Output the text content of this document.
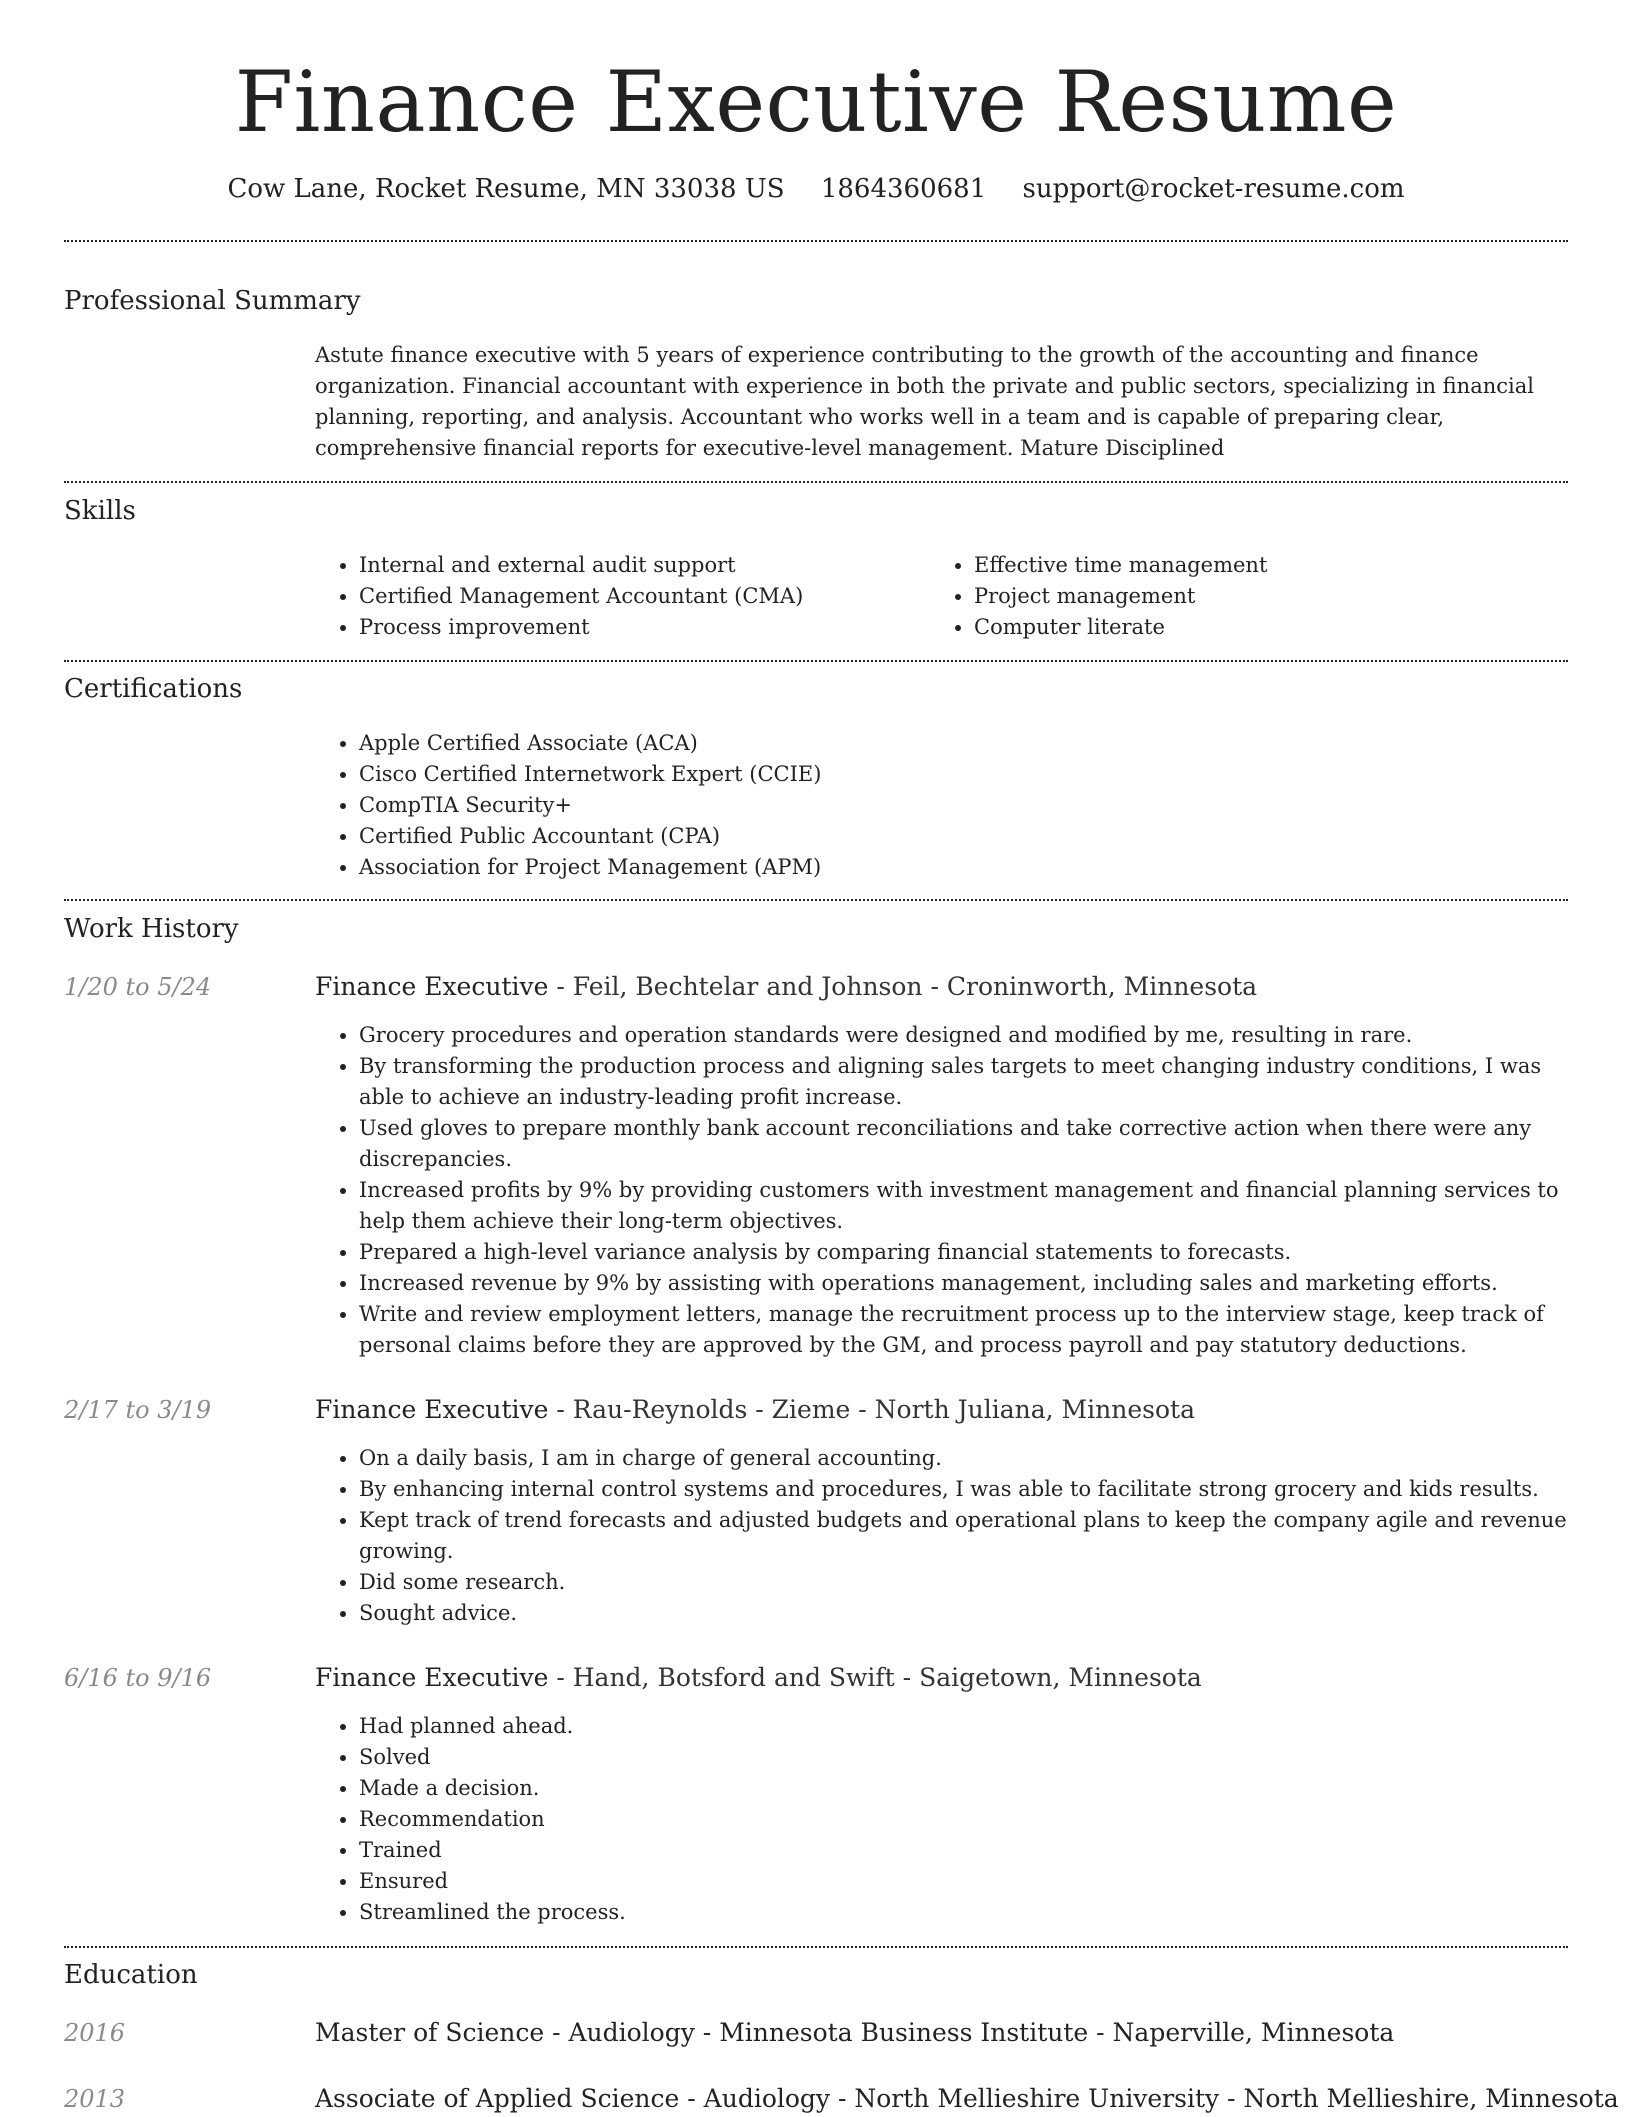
Finance Executive Resume
Cow Lane, Rocket Resume, MN 33038 US 1864360681 support@rocket-resume.com
Professional Summary
Astute finance executive with 5 years of experience contributing to the growth of the accounting and finance organization. Financial accountant with experience in both the private and public sectors, specializing in financial planning, reporting, and analysis. Accountant who works well in a team and is capable of preparing clear, comprehensive financial reports for executive-level management. Mature Disciplined
Skills
• Internal and external audit support
• Certified Management Accountant (CMA)
• Process improvement
• Effective time management
• Project management
• Computer literate
Certifications
• Apple Certified Associate (ACA)
• Cisco Certified Internetwork Expert (CCIE)
• CompTIA Security+
• Certified Public Accountant (CPA)
• Association for Project Management (APM)
Work History
1/20 to 5/24	Finance Executive - Feil, Bechtelar and Johnson - Croninworth, Minnesota
• Grocery procedures and operation standards were designed and modified by me, resulting in rare.
• By transforming the production process and aligning sales targets to meet changing industry conditions, I was able to achieve an industry-leading profit increase.
• Used gloves to prepare monthly bank account reconciliations and take corrective action when there were any discrepancies.
• Increased profits by 9% by providing customers with investment management and financial planning services to help them achieve their long-term objectives.
• Prepared a high-level variance analysis by comparing financial statements to forecasts.
• Increased revenue by 9% by assisting with operations management, including sales and marketing efforts.
• Write and review employment letters, manage the recruitment process up to the interview stage, keep track of personal claims before they are approved by the GM, and process payroll and pay statutory deductions.
2/17 to 3/19	Finance Executive - Rau-Reynolds - Zieme - North Juliana, Minnesota
• On a daily basis, I am in charge of general accounting.
• By enhancing internal control systems and procedures, I was able to facilitate strong grocery and kids results.
• Kept track of trend forecasts and adjusted budgets and operational plans to keep the company agile and revenue growing.
• Did some research.
• Sought advice.
6/16 to 9/16	Finance Executive - Hand, Botsford and Swift - Saigetown, Minnesota
• Had planned ahead.
• Solved
• Made a decision.
• Recommendation
• Trained
• Ensured
• Streamlined the process.
Education
2016	Master of Science - Audiology - Minnesota Business Institute - Naperville, Minnesota
2013	Associate of Applied Science - Audiology - North Mellieshire University - North Mellieshire, Minnesota
